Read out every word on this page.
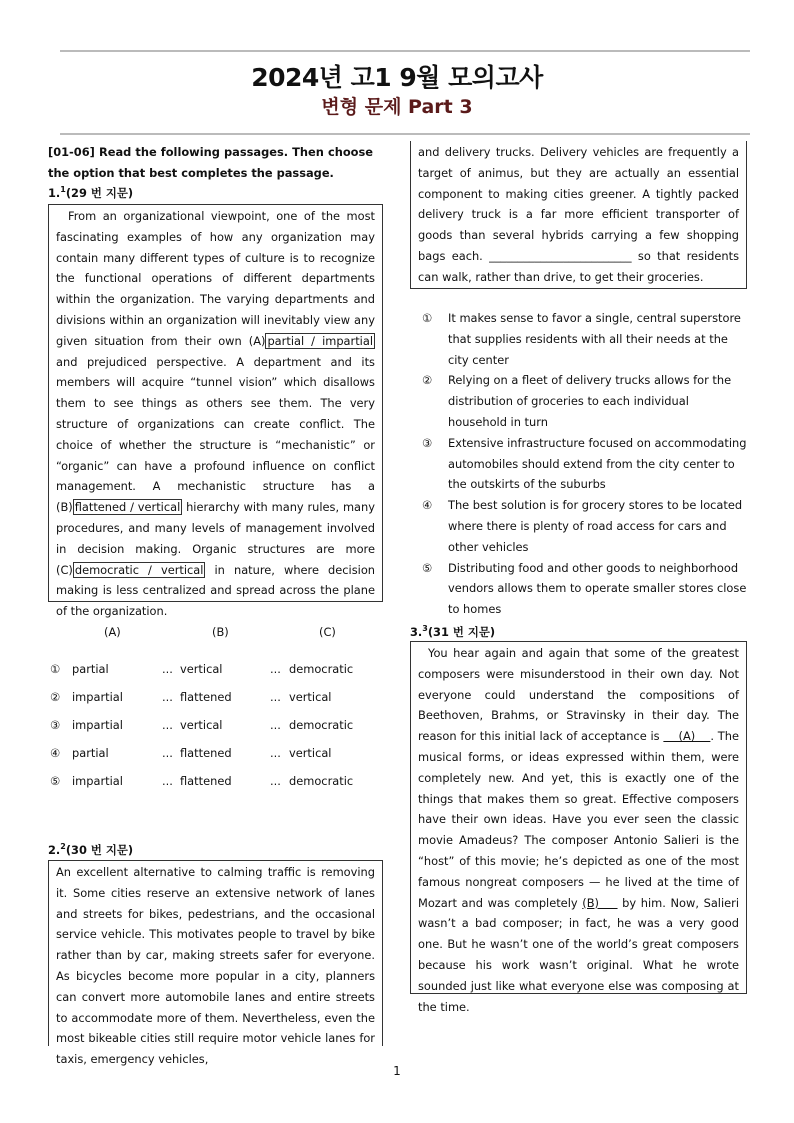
2024년 고1 9월 모의고사
변형 문제 Part 3
[01-06] Read the following passages. Then choose the option that best completes the passage.
1.$^1$(29 번 지문)
From an organizational viewpoint, one of the most fascinating examples of how any organization may contain many different types of culture is to recognize the functional operations of different departments within the organization. The varying departments and divisions within an organization will inevitably view any given situation from their own (A) partial / impartial and prejudiced perspective. A department and its members will acquire “tunnel vision” which disallows them to see things as others see them. The very structure of organizations can create conflict. The choice of whether the structure is “mechanistic” or “organic” can have a profound influence on conflict management. A mechanistic structure has a (B) flattened / vertical hierarchy with many rules, many procedures, and many levels of management involved in decision making. Organic structures are more (C) democratic / vertical in nature, where decision making is less centralized and spread across the plane of the organization.
(A)	(B)	(C)
① partial	... vertical	... democratic
② impartial	... flattened	... vertical
③ impartial	... vertical	... democratic
④ partial	... flattened	... vertical
⑤ impartial	... flattened	... democratic
2.$^2$(30 번 지문)
An excellent alternative to calming traffic is removing it. Some cities reserve an extensive network of lanes and streets for bikes, pedestrians, and the occasional service vehicle. This motivates people to travel by bike rather than by car, making streets safer for everyone. As bicycles become more popular in a city, planners can convert more automobile lanes and entire streets to accommodate more of them. Nevertheless, even the most bikeable cities still require motor vehicle lanes for taxis, emergency vehicles,
and delivery trucks. Delivery vehicles are frequently a target of animus, but they are actually an essential component to making cities greener. A tightly packed delivery truck is a far more efficient transporter of goods than several hybrids carrying a few shopping bags each. _________________________ so that residents can walk, rather than drive, to get their groceries.
① It makes sense to favor a single, central superstore that supplies residents with all their needs at the city center
② Relying on a fleet of delivery trucks allows for the distribution of groceries to each individual household in turn
③ Extensive infrastructure focused on accommodating automobiles should extend from the city center to the outskirts of the suburbs
④ The best solution is for grocery stores to be located where there is plenty of road access for cars and other vehicles
⑤ Distributing food and other goods to neighborhood vendors allows them to operate smaller stores close to homes
3.$^3$(31 번 지문)
You hear again and again that some of the greatest composers were misunderstood in their own day. Not everyone could understand the compositions of Beethoven, Brahms, or Stravinsky in their day. The reason for this initial lack of acceptance is     (A)    . The musical forms, or ideas expressed within them, were completely new. And yet, this is exactly one of the things that makes them so great. Effective composers have their own ideas. Have you ever seen the classic movie Amadeus? The composer Antonio Salieri is the “host” of this movie; he’s depicted as one of the most famous nongreat composers — he lived at the time of Mozart and was completely (B)     by him. Now, Salieri wasn’t a bad composer; in fact, he was a very good one. But he wasn’t one of the world’s great composers because his work wasn’t original. What he wrote sounded just like what everyone else was composing at the time.
1
